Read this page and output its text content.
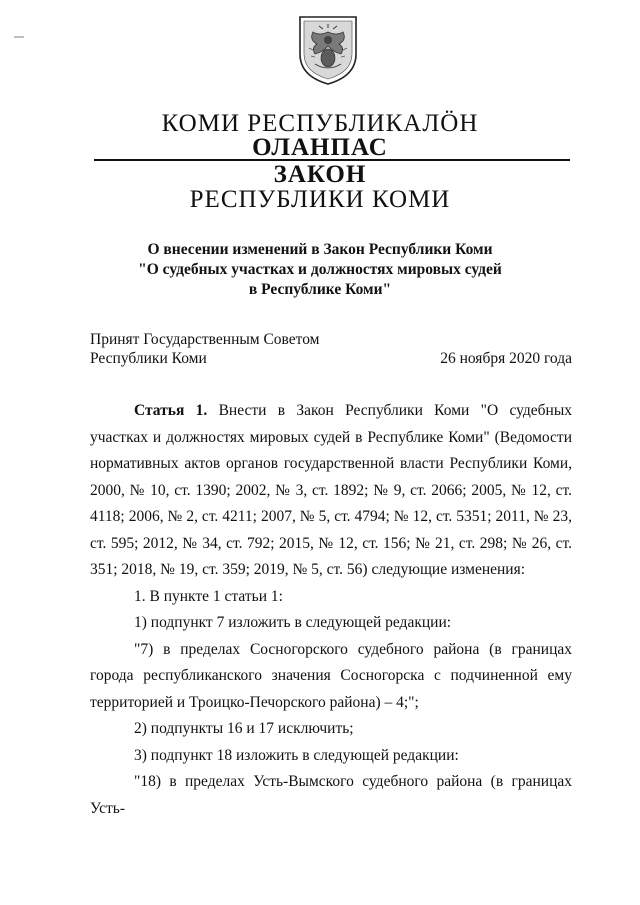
КОМИ РЕСПУБЛИКАЛӦН
ОЛАНПАС
ЗАКОН
РЕСПУБЛИКИ КОМИ
О внесении изменений в Закон Республики Коми
"О судебных участках и должностях мировых судей
в Республике Коми"
Принят Государственным Советом
Республики Коми	26 ноября 2020 года

Статья 1. Внести в Закон Республики Коми "О судебных участках и должностях мировых судей в Республике Коми" (Ведомости нормативных актов органов государственной власти Республики Коми, 2000, № 10, ст. 1390; 2002, № 3, ст. 1892; № 9, ст. 2066; 2005, № 12, ст. 4118; 2006, № 2, ст. 4211; 2007, № 5, ст. 4794; № 12, ст. 5351; 2011, № 23, ст. 595; 2012, № 34, ст. 792; 2015, № 12, ст. 156; № 21, ст. 298; № 26, ст. 351; 2018, № 19, ст. 359; 2019, № 5, ст. 56) следующие изменения:

1. В пункте 1 статьи 1:

1) подпункт 7 изложить в следующей редакции:

"7) в пределах Сосногорского судебного района (в границах города республиканского значения Сосногорска с подчиненной ему территорией и Троицко-Печорского района) – 4;";

2) подпункты 16 и 17 исключить;

3) подпункт 18 изложить в следующей редакции:

"18) в пределах Усть-Вымского судебного района (в границах Усть-
